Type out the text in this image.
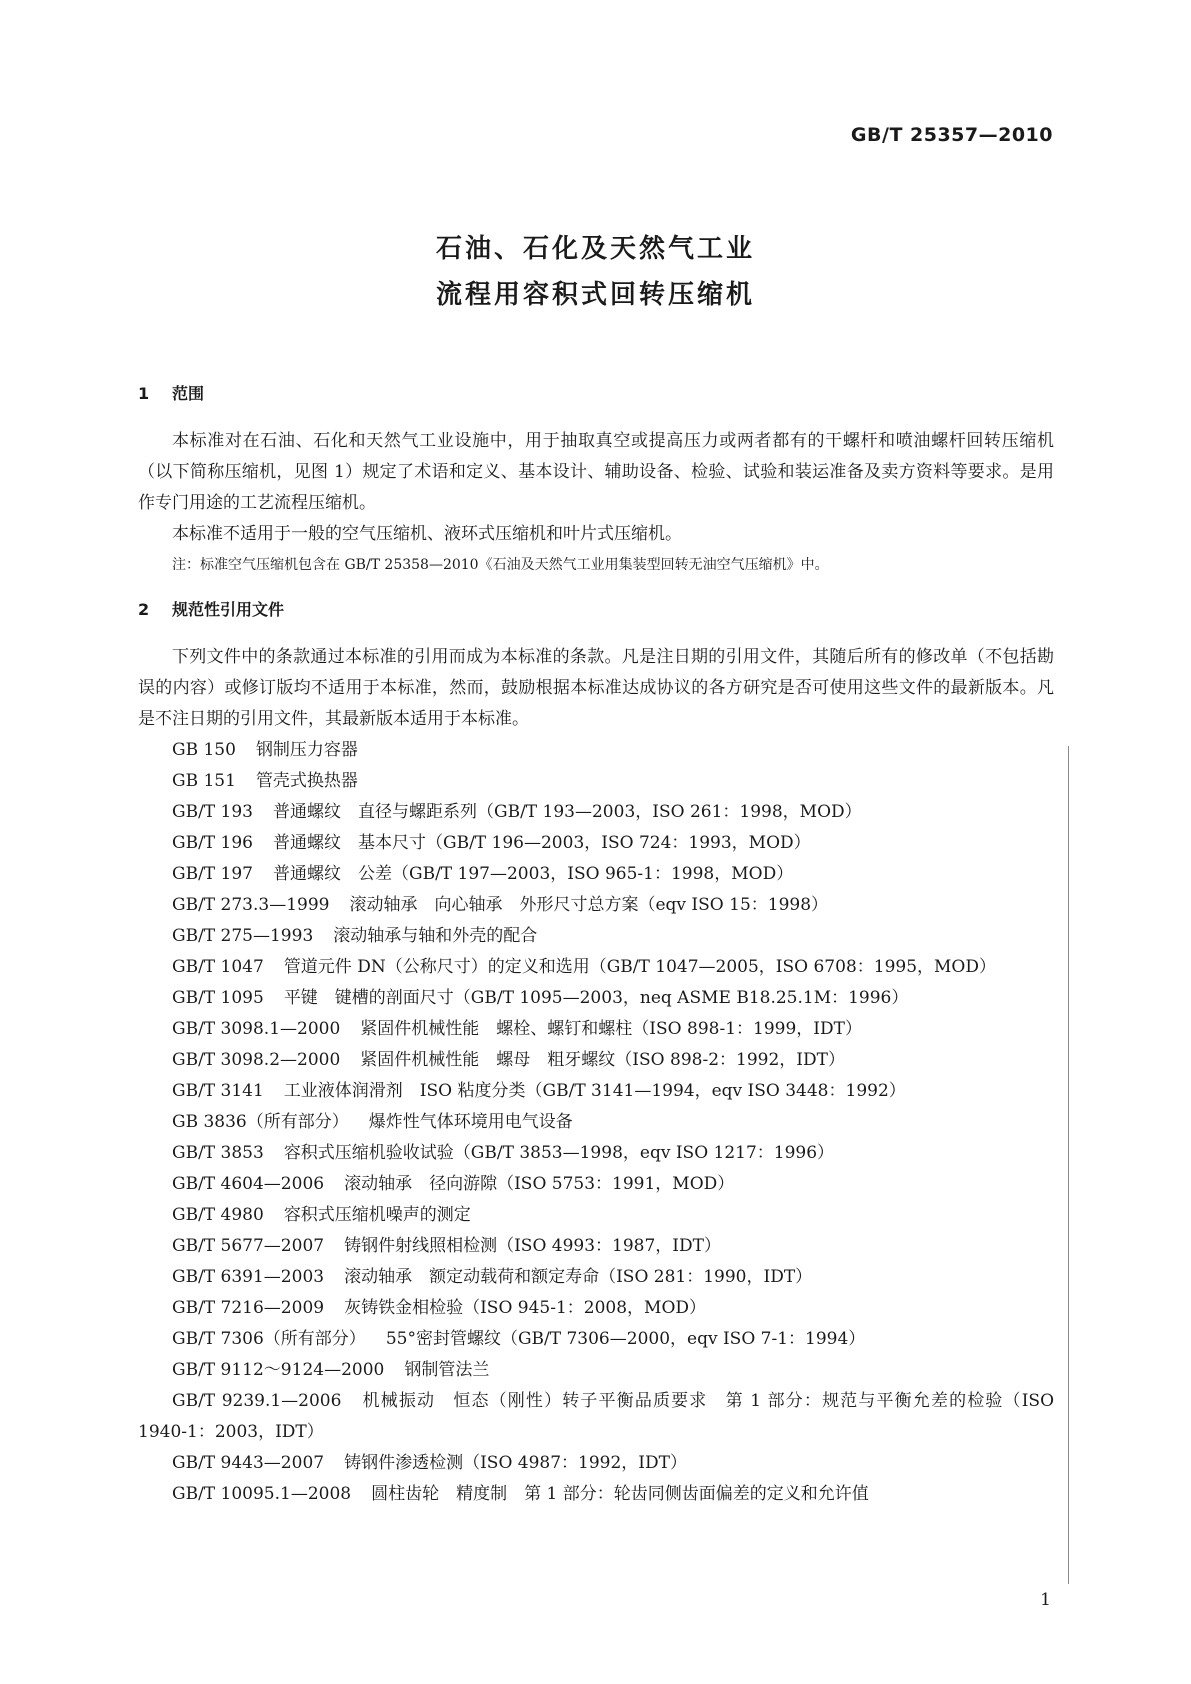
GB/T 25357—2010
石油、石化及天然气工业
流程用容积式回转压缩机
1 范围

本标准对在石油、石化和天然气工业设施中，用于抽取真空或提高压力或两者都有的干螺杆和喷油螺杆回转压缩机（以下简称压缩机，见图 1）规定了术语和定义、基本设计、辅助设备、检验、试验和装运准备及卖方资料等要求。是用作专门用途的工艺流程压缩机。

本标准不适用于一般的空气压缩机、液环式压缩机和叶片式压缩机。

注：标准空气压缩机包含在 GB/T 25358—2010《石油及天然气工业用集装型回转无油空气压缩机》中。

2 规范性引用文件

下列文件中的条款通过本标准的引用而成为本标准的条款。凡是注日期的引用文件，其随后所有的修改单（不包括勘误的内容）或修订版均不适用于本标准，然而，鼓励根据本标准达成协议的各方研究是否可使用这些文件的最新版本。凡是不注日期的引用文件，其最新版本适用于本标准。

GB 150 钢制压力容器
GB 151 管壳式换热器
GB/T 193 普通螺纹　直径与螺距系列（GB/T 193—2003，ISO 261：1998，MOD）
GB/T 196 普通螺纹　基本尺寸（GB/T 196—2003，ISO 724：1993，MOD）
GB/T 197 普通螺纹　公差（GB/T 197—2003，ISO 965-1：1998，MOD）
GB/T 273.3—1999 滚动轴承　向心轴承　外形尺寸总方案（eqv ISO 15：1998）
GB/T 275—1993 滚动轴承与轴和外壳的配合
GB/T 1047 管道元件 DN（公称尺寸）的定义和选用（GB/T 1047—2005，ISO 6708：1995，MOD）
GB/T 1095 平键　键槽的剖面尺寸（GB/T 1095—2003，neq ASME B18.25.1M：1996）
GB/T 3098.1—2000 紧固件机械性能　螺栓、螺钉和螺柱（ISO 898-1：1999，IDT）
GB/T 3098.2—2000 紧固件机械性能　螺母　粗牙螺纹（ISO 898-2：1992，IDT）
GB/T 3141 工业液体润滑剂　ISO 粘度分类（GB/T 3141—1994，eqv ISO 3448：1992）
GB 3836（所有部分） 爆炸性气体环境用电气设备
GB/T 3853 容积式压缩机验收试验（GB/T 3853—1998，eqv ISO 1217：1996）
GB/T 4604—2006 滚动轴承　径向游隙（ISO 5753：1991，MOD）
GB/T 4980 容积式压缩机噪声的测定
GB/T 5677—2007 铸钢件射线照相检测（ISO 4993：1987，IDT）
GB/T 6391—2003 滚动轴承　额定动载荷和额定寿命（ISO 281：1990，IDT）
GB/T 7216—2009 灰铸铁金相检验（ISO 945-1：2008，MOD）
GB/T 7306（所有部分） 55°密封管螺纹（GB/T 7306—2000，eqv ISO 7-1：1994）
GB/T 9112～9124—2000 钢制管法兰
GB/T 9239.1—2006 机械振动　恒态（刚性）转子平衡品质要求　第 1 部分：规范与平衡允差的检验（ISO 1940-1：2003，IDT）
GB/T 9443—2007 铸钢件渗透检测（ISO 4987：1992，IDT）
GB/T 10095.1—2008 圆柱齿轮　精度制　第 1 部分：轮齿同侧齿面偏差的定义和允许值
1
